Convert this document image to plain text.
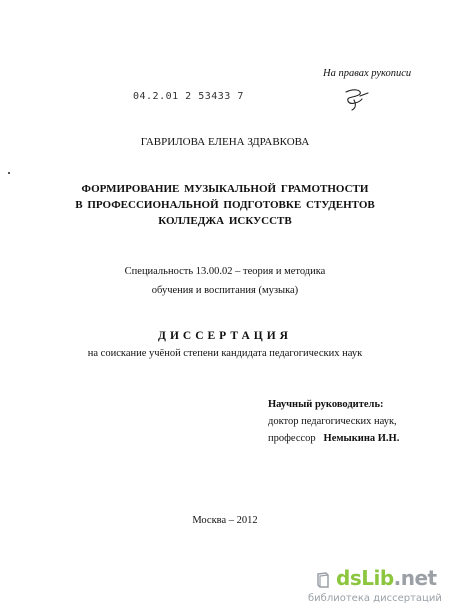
На правах рукописи
04.2.01 2 53433 7
ГАВРИЛОВА ЕЛЕНА ЗДРАВКОВА
ФОРМИРОВАНИЕ МУЗЫКАЛЬНОЙ ГРАМОТНОСТИ
В ПРОФЕССИОНАЛЬНОЙ ПОДГОТОВКЕ СТУДЕНТОВ
КОЛЛЕДЖА ИСКУССТВ
Специальность 13.00.02 – теория и методика
обучения и воспитания (музыка)
ДИССЕРТАЦИЯ
на соискание учёной степени кандидата педагогических наук
Научный руководитель:
доктор педагогических наук,
профессор Немыкина И.Н.
Москва – 2012
dsLib.net
библиотека диссертаций
